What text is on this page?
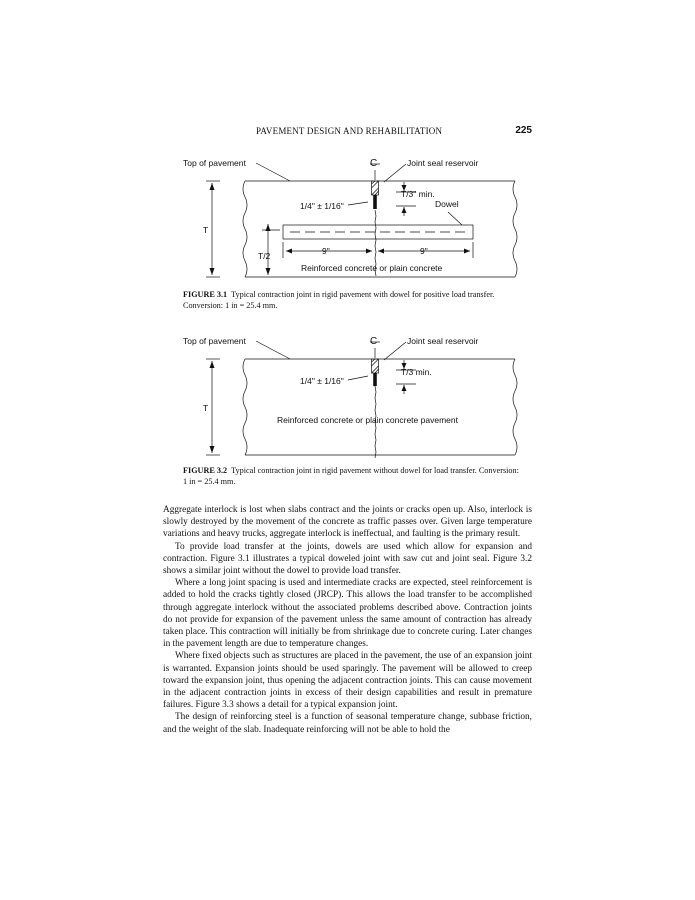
PAVEMENT DESIGN AND REHABILITATION	225
Top of pavement	C	Joint seal reservoir
T/3" min.
1/4" ± 1/16"	Dowel
T
T/2	9"	9"
Reinforced concrete or plain concrete
FIGURE 3.1 Typical contraction joint in rigid pavement with dowel for positive load transfer. Conversion: 1 in = 25.4 mm.
Top of pavement	C	Joint seal reservoir
T/3 min.
1/4" ± 1/16"
T
Reinforced concrete or plain concrete pavement
FIGURE 3.2 Typical contraction joint in rigid pavement without dowel for load transfer. Conversion: 1 in = 25.4 mm.

Aggregate interlock is lost when slabs contract and the joints or cracks open up. Also, interlock is slowly destroyed by the movement of the concrete as traffic passes over. Given large temperature variations and heavy trucks, aggregate interlock is ineffectual, and faulting is the primary result.

To provide load transfer at the joints, dowels are used which allow for expansion and contraction. Figure 3.1 illustrates a typical doweled joint with saw cut and joint seal. Figure 3.2 shows a similar joint without the dowel to provide load transfer.

Where a long joint spacing is used and intermediate cracks are expected, steel reinforcement is added to hold the cracks tightly closed (JRCP). This allows the load transfer to be accomplished through aggregate interlock without the associated problems described above. Contraction joints do not provide for expansion of the pavement unless the same amount of contraction has already taken place. This contraction will initially be from shrinkage due to concrete curing. Later changes in the pavement length are due to temperature changes.

Where fixed objects such as structures are placed in the pavement, the use of an expansion joint is warranted. Expansion joints should be used sparingly. The pavement will be allowed to creep toward the expansion joint, thus opening the adjacent contraction joints. This can cause movement in the adjacent contraction joints in excess of their design capabilities and result in premature failures. Figure 3.3 shows a detail for a typical expansion joint.

The design of reinforcing steel is a function of seasonal temperature change, subbase friction, and the weight of the slab. Inadequate reinforcing will not be able to hold the
